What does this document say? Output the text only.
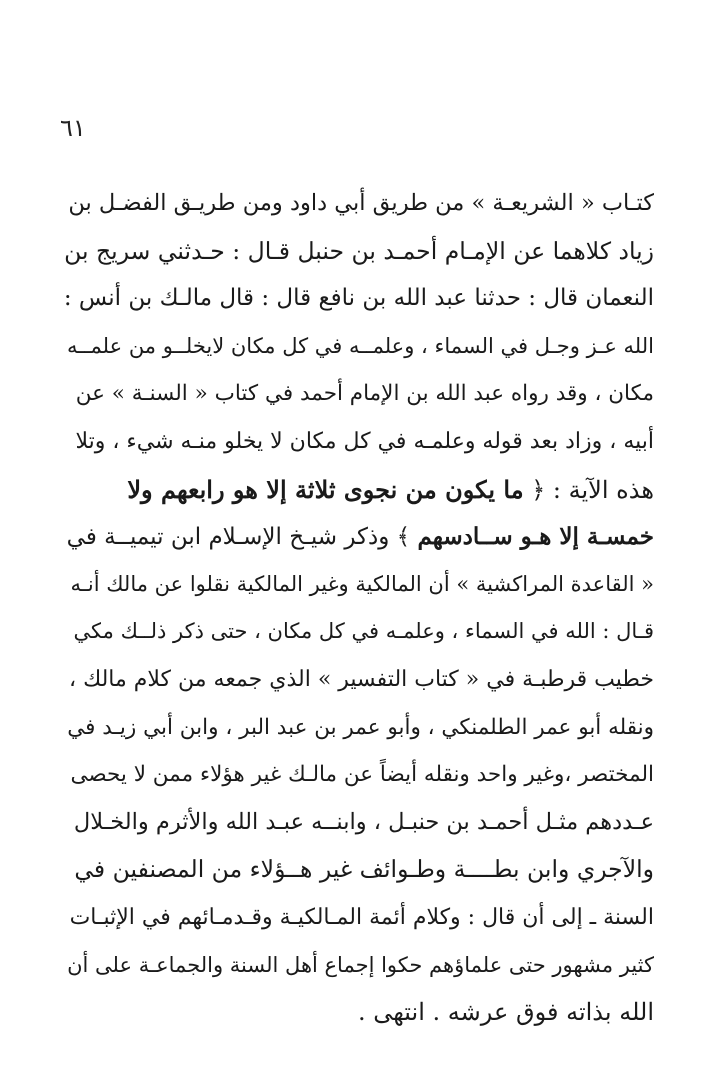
٦١
كتـاب « الشريعـة » من طريق أبي داود ومن طريـق الفضـل بن
زياد كلاهما عن الإمـام أحمـد بن حنبل قـال : حـدثني سريج بن
النعمان قال : حدثنا عبد الله بن نافع قال : قال مالـك بن أنس :
الله عـز وجـل في السماء ، وعلمــه في كل مكان لايخلــو من علمــه
مكان ، وقد رواه عبد الله بن الإمام أحمد في كتاب « السنـة » عن
أبيه ، وزاد بعد قوله وعلمـه في كل مكان لا يخلو منـه شيء ، وتلا
هذه الآية : ﴿ ما يكون من نجوى ثلاثة إلا هو رابعهم ولا
خمسـة إلا هـو ســادسهم ﴾ وذكر شيـخ الإسـلام ابن تيميــة في
« القاعدة المراكشية » أن المالكية وغير المالكية نقلوا عن مالك أنـه
قـال : الله في السماء ، وعلمـه في كل مكان ، حتى ذكر ذلــك مكي
خطيب قرطبـة في « كتاب التفسير » الذي جمعه من كلام مالك ،
ونقله أبو عمر الطلمنكي ، وأبو عمر بن عبد البر ، وابن أبي زيـد في
المختصر ،وغير واحد ونقله أيضاً عن مالـك غير هؤلاء ممن لا يحصى
عـددهم مثـل أحمـد بن حنبـل ، وابنــه عبـد الله والأثرم والخـلال
والآجري وابن بطــــة وطـوائف غير هــؤلاء من المصنفين في
السنة ـ إلى أن قال : وكلام أئمة المـالكيـة وقـدمـائهم في الإثبـات
كثير مشهور حتى علماؤهم حكوا إجماع أهل السنة والجماعـة على أن
الله بذاته فوق عرشه . انتهى .
